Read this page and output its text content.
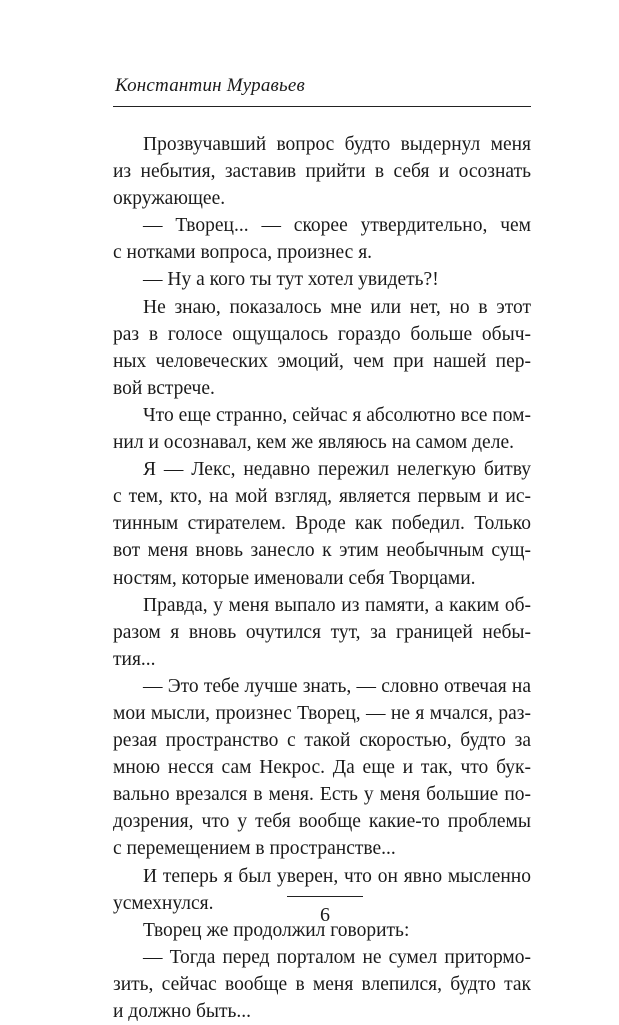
Константин Муравьев
Прозвучавший вопрос будто выдернул меня
из небытия, заставив прийти в себя и осознать
окружающее.
— Творец... — скорее утвердительно, чем
с нотками вопроса, произнес я.
— Ну а кого ты тут хотел увидеть?!
Не знаю, показалось мне или нет, но в этот
раз в голосе ощущалось гораздо больше обыч-
ных человеческих эмоций, чем при нашей пер-
вой встрече.
Что еще странно, сейчас я абсолютно все пом-
нил и осознавал, кем же являюсь на самом деле.
Я — Лекс, недавно пережил нелегкую битву
с тем, кто, на мой взгляд, является первым и ис-
тинным стирателем. Вроде как победил. Только
вот меня вновь занесло к этим необычным сущ-
ностям, которые именовали себя Творцами.
Правда, у меня выпало из памяти, а каким об-
разом я вновь очутился тут, за границей небы-
тия...
— Это тебе лучше знать, — словно отвечая на
мои мысли, произнес Творец, — не я мчался, раз-
резая пространство с такой скоростью, будто за
мною несся сам Некрос. Да еще и так, что бук-
вально врезался в меня. Есть у меня большие по-
дозрения, что у тебя вообще какие-то проблемы
с перемещением в пространстве...
И теперь я был уверен, что он явно мысленно
усмехнулся.
Творец же продолжил говорить:
— Тогда перед порталом не сумел притормо-
зить, сейчас вообще в меня влепился, будто так
и должно быть...
6
